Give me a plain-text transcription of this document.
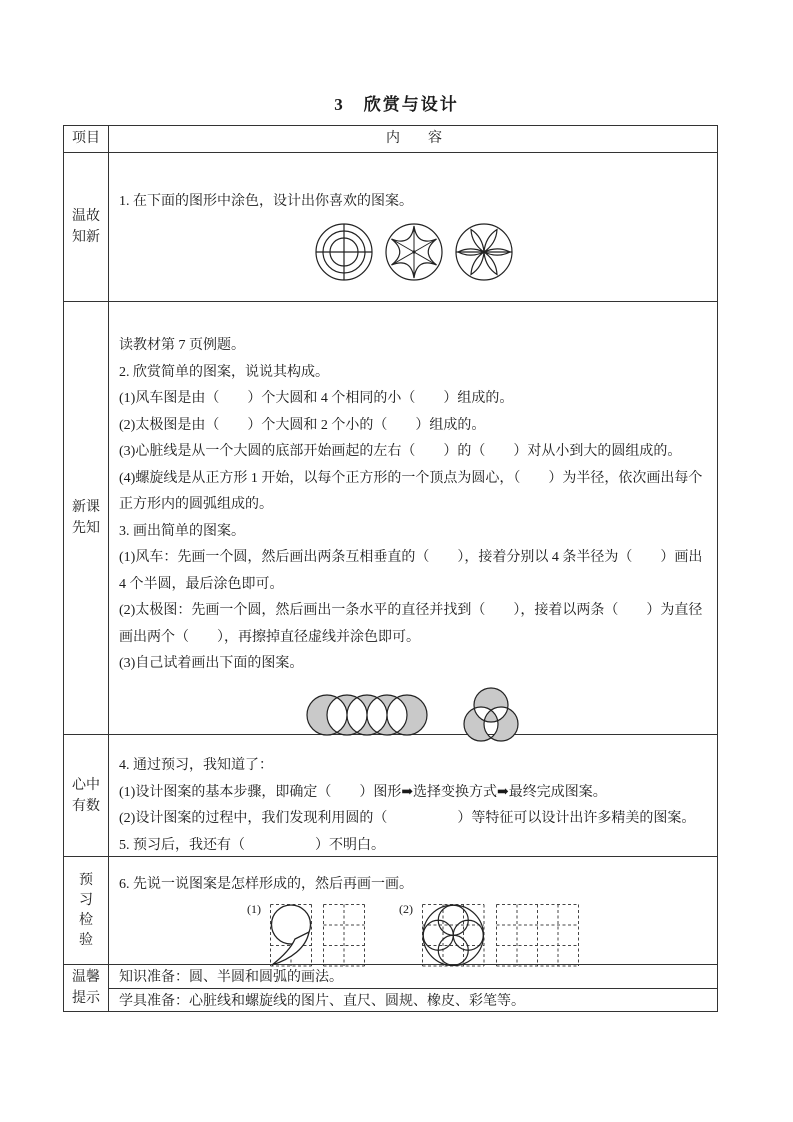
3　欣赏与设计
项目	内　　容
温故
知新
1. 在下面的图形中涂色，设计出你喜欢的图案。
新课
先知
读教材第 7 页例题。
2. 欣赏简单的图案，说说其构成。
(1)风车图是由（　　）个大圆和 4 个相同的小（　　）组成的。
(2)太极图是由（　　）个大圆和 2 个小的（　　）组成的。
(3)心脏线是从一个大圆的底部开始画起的左右（　　）的（　　）对从小到大的圆组成的。
(4)螺旋线是从正方形 1 开始，以每个正方形的一个顶点为圆心，（　　）为半径，依次画出每个正方形内的圆弧组成的。
3. 画出简单的图案。
(1)风车：先画一个圆，然后画出两条互相垂直的（　　），接着分别以 4 条半径为（　　）画出 4 个半圆，最后涂色即可。
(2)太极图：先画一个圆，然后画出一条水平的直径并找到（　　），接着以两条（　　）为直径画出两个（　　），再擦掉直径虚线并涂色即可。
(3)自己试着画出下面的图案。
心中
有数
4. 通过预习，我知道了：
(1)设计图案的基本步骤，即确定（　　）图形➡选择变换方式➡最终完成图案。
(2)设计图案的过程中，我们发现利用圆的（　　　　　）等特征可以设计出许多精美的图案。
5. 预习后，我还有（　　　　　）不明白。
预
习
检
验
6. 先说一说图案是怎样形成的，然后再画一画。
(1)	(2)
温馨
提示
知识准备：圆、半圆和圆弧的画法。
学具准备：心脏线和螺旋线的图片、直尺、圆规、橡皮、彩笔等。
